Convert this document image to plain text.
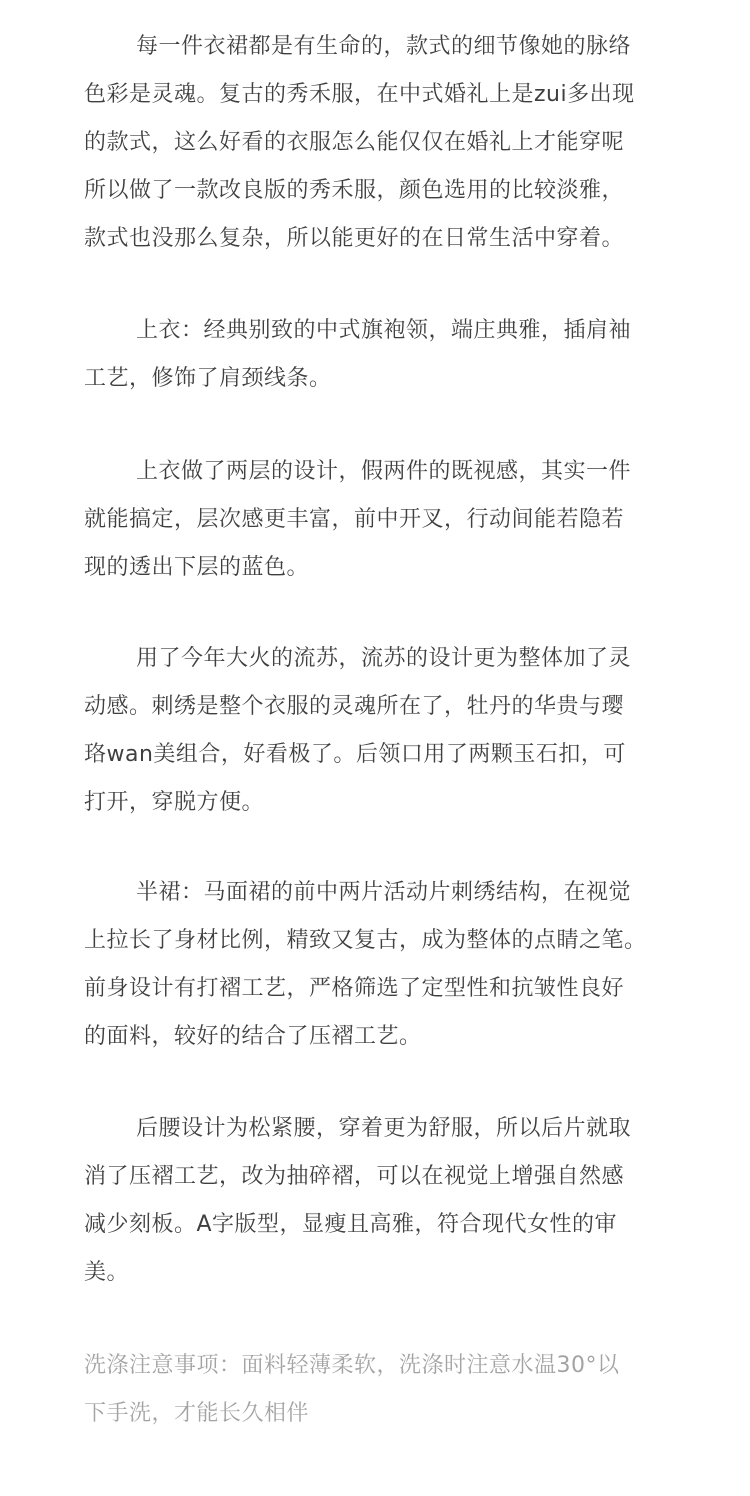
每一件衣裙都是有生命的，款式的细节像她的脉络
色彩是灵魂。复古的秀禾服，在中式婚礼上是zui多出现
的款式，这么好看的衣服怎么能仅仅在婚礼上才能穿呢
所以做了一款改良版的秀禾服，颜色选用的比较淡雅，
款式也没那么复杂，所以能更好的在日常生活中穿着。
上衣：经典别致的中式旗袍领，端庄典雅，插肩袖
工艺，修饰了肩颈线条。
上衣做了两层的设计，假两件的既视感，其实一件
就能搞定，层次感更丰富，前中开叉，行动间能若隐若
现的透出下层的蓝色。
用了今年大火的流苏，流苏的设计更为整体加了灵
动感。刺绣是整个衣服的灵魂所在了，牡丹的华贵与璎
珞wan美组合，好看极了。后领口用了两颗玉石扣，可
打开，穿脱方便。
半裙：马面裙的前中两片活动片刺绣结构，在视觉
上拉长了身材比例，精致又复古，成为整体的点睛之笔。
前身设计有打褶工艺，严格筛选了定型性和抗皱性良好
的面料，较好的结合了压褶工艺。
后腰设计为松紧腰，穿着更为舒服，所以后片就取
消了压褶工艺，改为抽碎褶，可以在视觉上增强自然感
减少刻板。A字版型，显瘦且高雅，符合现代女性的审
美。
洗涤注意事项：面料轻薄柔软，洗涤时注意水温30°以
下手洗，才能长久相伴
